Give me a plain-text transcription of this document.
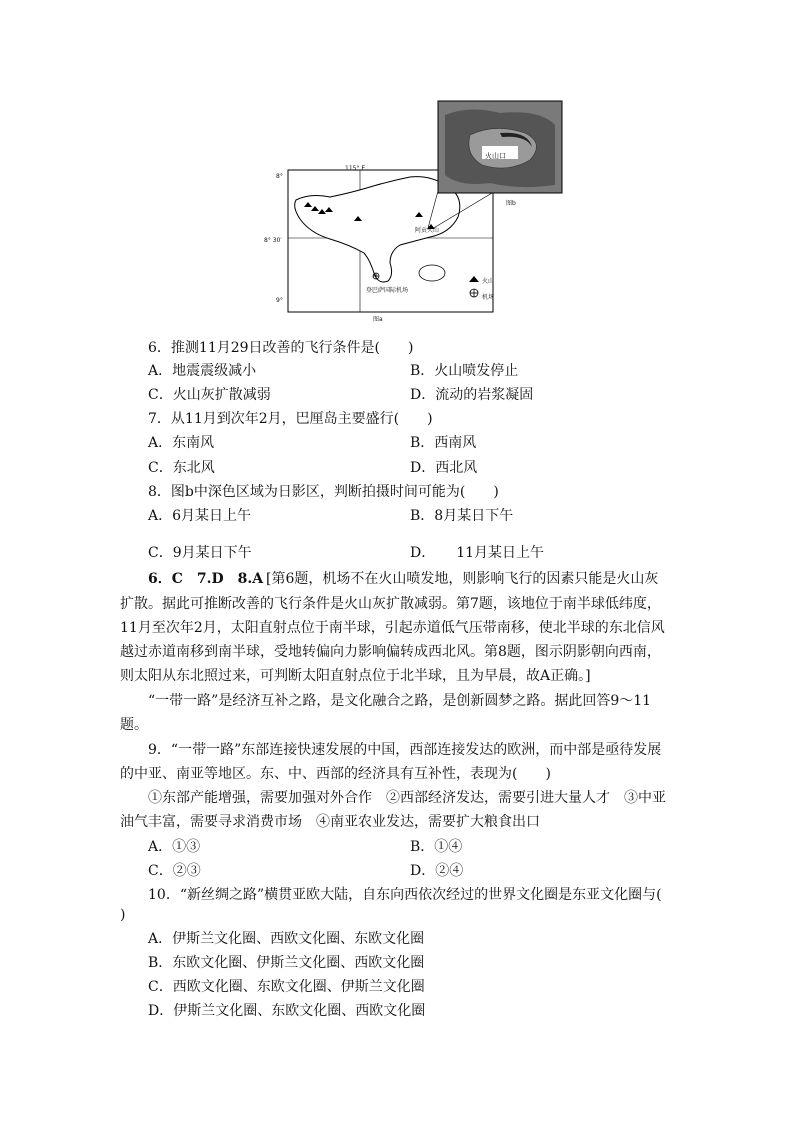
115° E
8°
8° 30′
9°
阿贡火山
登巴萨国际机场
图a
火山
机场
火山口
图b
6．推测11月29日改善的飞行条件是(　　)
A．地震震级减小	B．火山喷发停止
C．火山灰扩散减弱	D．流动的岩浆凝固
7．从11月到次年2月，巴厘岛主要盛行(　　)
A．东南风	B．西南风
C．东北风	D．西北风
8．图b中深色区域为日影区，判断拍摄时间可能为(　　)
A．6月某日上午	B．8月某日下午
C．9月某日下午	D．　　11月某日上午
6．C　7.D　8.A [第6题，机场不在火山喷发地，则影响飞行的因素只能是火山灰
扩散。据此可推断改善的飞行条件是火山灰扩散减弱。第7题，该地位于南半球低纬度，
11月至次年2月，太阳直射点位于南半球，引起赤道低气压带南移，使北半球的东北信风
越过赤道南移到南半球，受地转偏向力影响偏转成西北风。第8题，图示阴影朝向西南，
则太阳从东北照过来，可判断太阳直射点位于北半球，且为早晨，故A正确。]
“一带一路”是经济互补之路，是文化融合之路，是创新圆梦之路。据此回答9～11
题。
9．“一带一路”东部连接快速发展的中国，西部连接发达的欧洲，而中部是亟待发展
的中亚、南亚等地区。东、中、西部的经济具有互补性，表现为(　　)
①东部产能增强，需要加强对外合作　②西部经济发达，需要引进大量人才　③中亚
油气丰富，需要寻求消费市场　④南亚农业发达，需要扩大粮食出口
A．①③	B．①④
C．②③	D．②④
10．“新丝绸之路”横贯亚欧大陆，自东向西依次经过的世界文化圈是东亚文化圈与(
)
A．伊斯兰文化圈、西欧文化圈、东欧文化圈
B．东欧文化圈、伊斯兰文化圈、西欧文化圈
C．西欧文化圈、东欧文化圈、伊斯兰文化圈
D．伊斯兰文化圈、东欧文化圈、西欧文化圈
